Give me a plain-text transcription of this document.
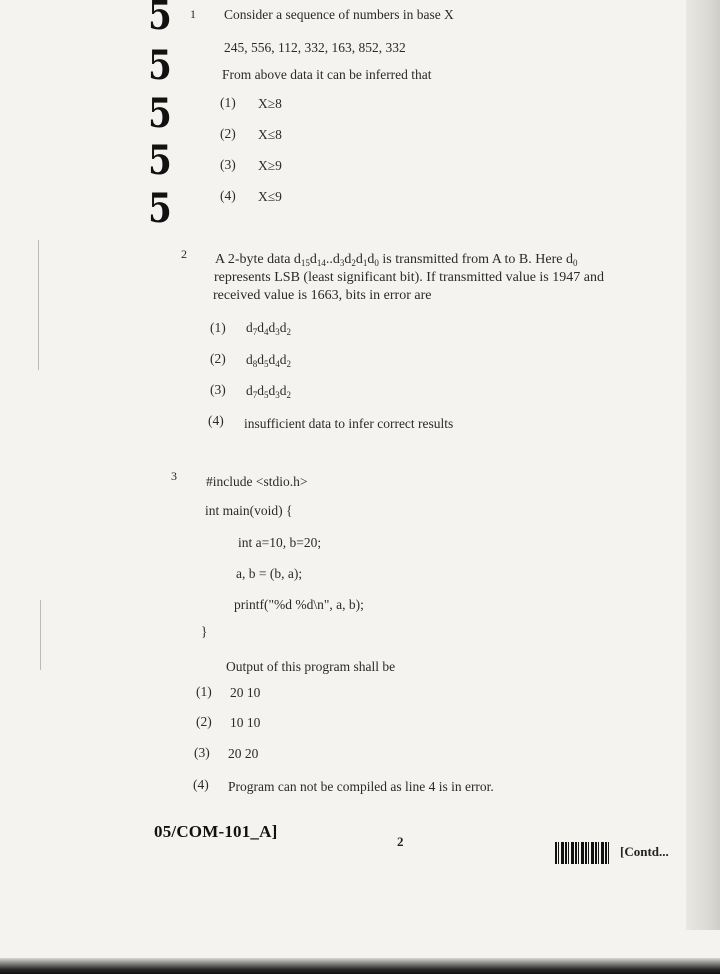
5
5
5
5
5
1 Consider a sequence of numbers in base X
245, 556, 112, 332, 163, 852, 332
From above data it can be inferred that
(1) X≥8
(2) X≤8
(3) X≥9
(4) X≤9
2 A 2-byte data $d_{15}d_{14}..d_3d_2d_1d_0$ is transmitted from A to B. Here $d_0$
represents LSB (least significant bit). If transmitted value is 1947 and
received value is 1663, bits in error are
(1) $d_7d_4d_3d_2$
(2) $d_8d_5d_4d_2$
(3) $d_7d_5d_3d_2$
(4) insufficient data to infer correct results
3 #include <stdio.h>
int main(void) {
int a=10, b=20;
a, b = (b, a);
printf("%d %d\n", a, b);
}
Output of this program shall be
(1) 20 10
(2) 10 10
(3) 20 20
(4) Program can not be compiled as line 4 is in error.
05/COM-101_A]
2
[Contd...
